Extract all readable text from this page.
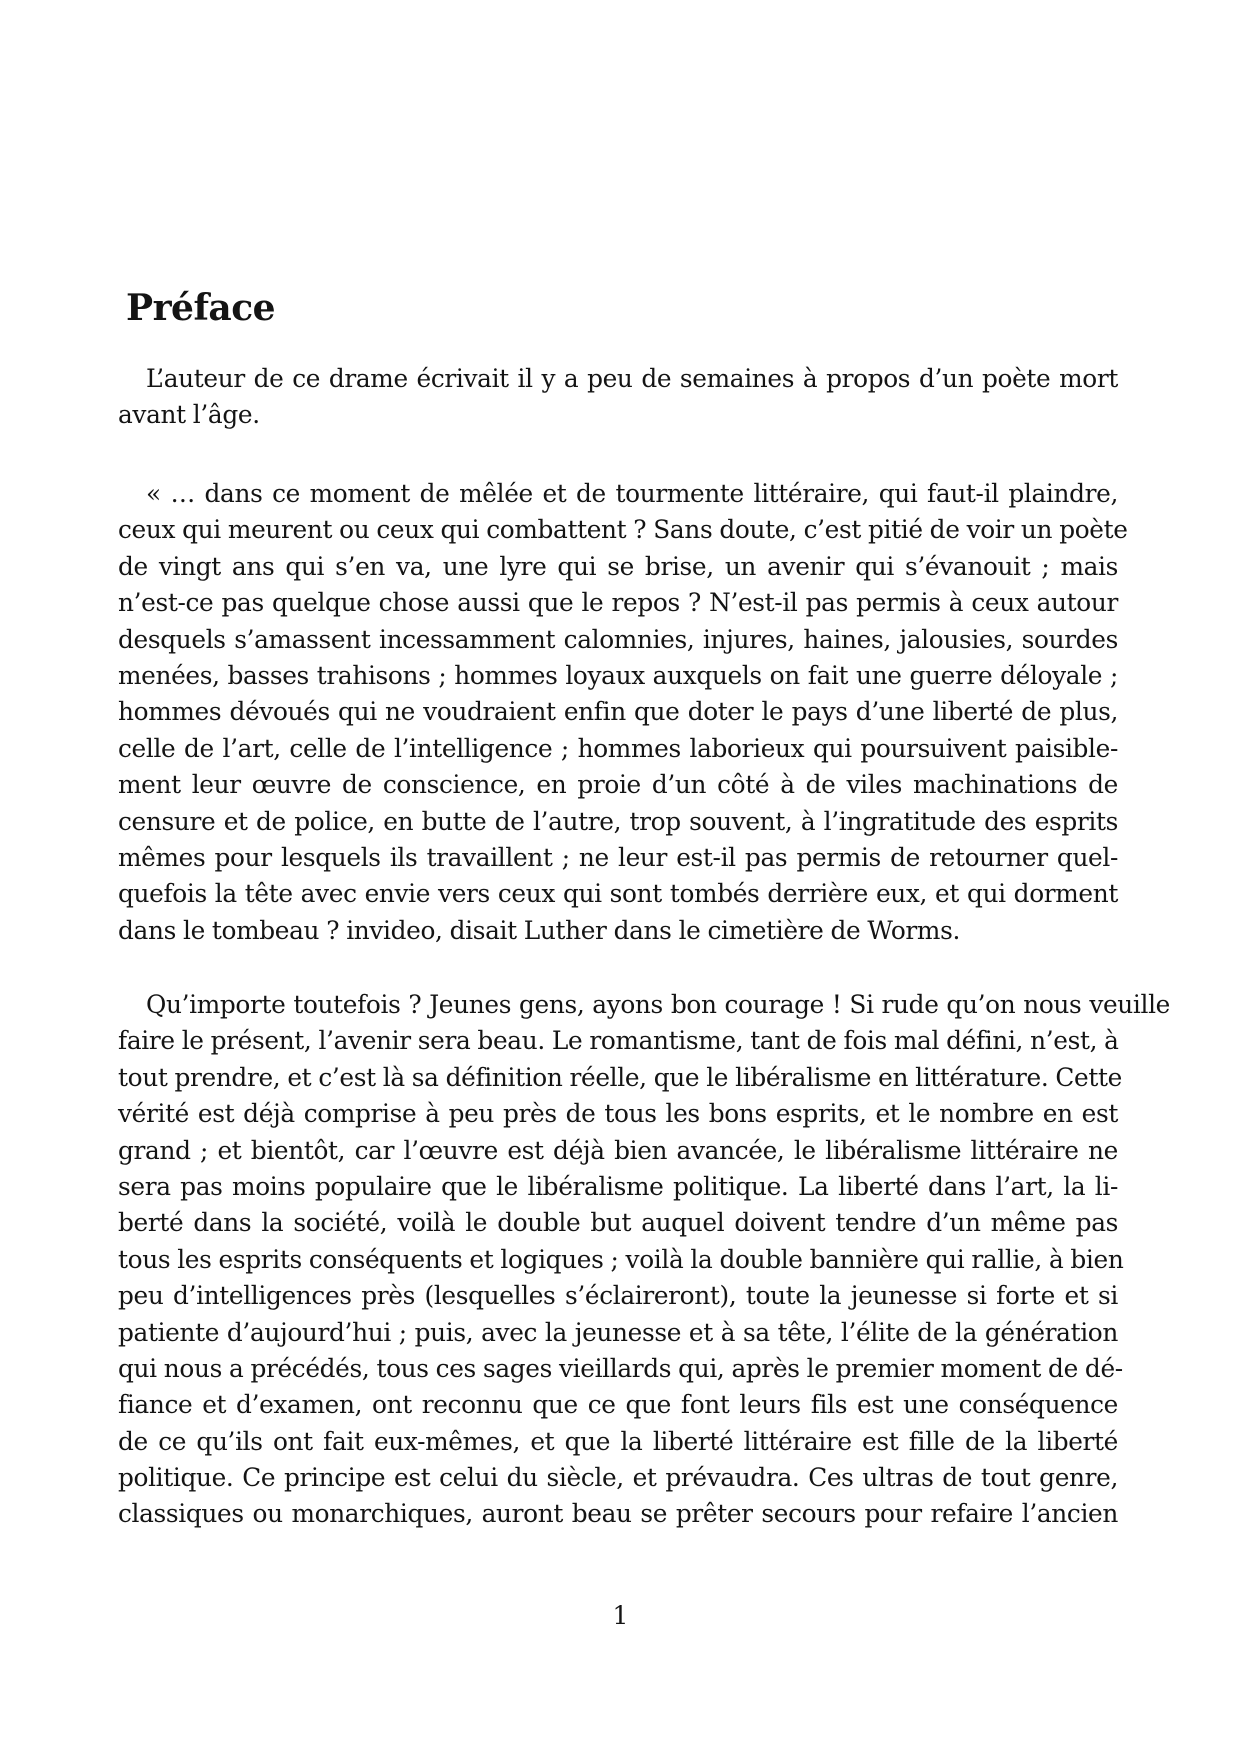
Préface
L’auteur de ce drame écrivait il y a peu de semaines à propos d’un poète mort
avant l’âge.
« … dans ce moment de mêlée et de tourmente littéraire, qui faut-il plaindre,
ceux qui meurent ou ceux qui combattent ? Sans doute, c’est pitié de voir un poète
de vingt ans qui s’en va, une lyre qui se brise, un avenir qui s’évanouit ; mais
n’est-ce pas quelque chose aussi que le repos ? N’est-il pas permis à ceux autour
desquels s’amassent incessamment calomnies, injures, haines, jalousies, sourdes
menées, basses trahisons ; hommes loyaux auxquels on fait une guerre déloyale ;
hommes dévoués qui ne voudraient enfin que doter le pays d’une liberté de plus,
celle de l’art, celle de l’intelligence ; hommes laborieux qui poursuivent paisible-
ment leur œuvre de conscience, en proie d’un côté à de viles machinations de
censure et de police, en butte de l’autre, trop souvent, à l’ingratitude des esprits
mêmes pour lesquels ils travaillent ; ne leur est-il pas permis de retourner quel-
quefois la tête avec envie vers ceux qui sont tombés derrière eux, et qui dorment
dans le tombeau ? invideo, disait Luther dans le cimetière de Worms.
Qu’importe toutefois ? Jeunes gens, ayons bon courage ! Si rude qu’on nous veuille
faire le présent, l’avenir sera beau. Le romantisme, tant de fois mal défini, n’est, à
tout prendre, et c’est là sa définition réelle, que le libéralisme en littérature. Cette
vérité est déjà comprise à peu près de tous les bons esprits, et le nombre en est
grand ; et bientôt, car l’œuvre est déjà bien avancée, le libéralisme littéraire ne
sera pas moins populaire que le libéralisme politique. La liberté dans l’art, la li-
berté dans la société, voilà le double but auquel doivent tendre d’un même pas
tous les esprits conséquents et logiques ; voilà la double bannière qui rallie, à bien
peu d’intelligences près (lesquelles s’éclaireront), toute la jeunesse si forte et si
patiente d’aujourd’hui ; puis, avec la jeunesse et à sa tête, l’élite de la génération
qui nous a précédés, tous ces sages vieillards qui, après le premier moment de dé-
fiance et d’examen, ont reconnu que ce que font leurs fils est une conséquence
de ce qu’ils ont fait eux-mêmes, et que la liberté littéraire est fille de la liberté
politique. Ce principe est celui du siècle, et prévaudra. Ces ultras de tout genre,
classiques ou monarchiques, auront beau se prêter secours pour refaire l’ancien
1
